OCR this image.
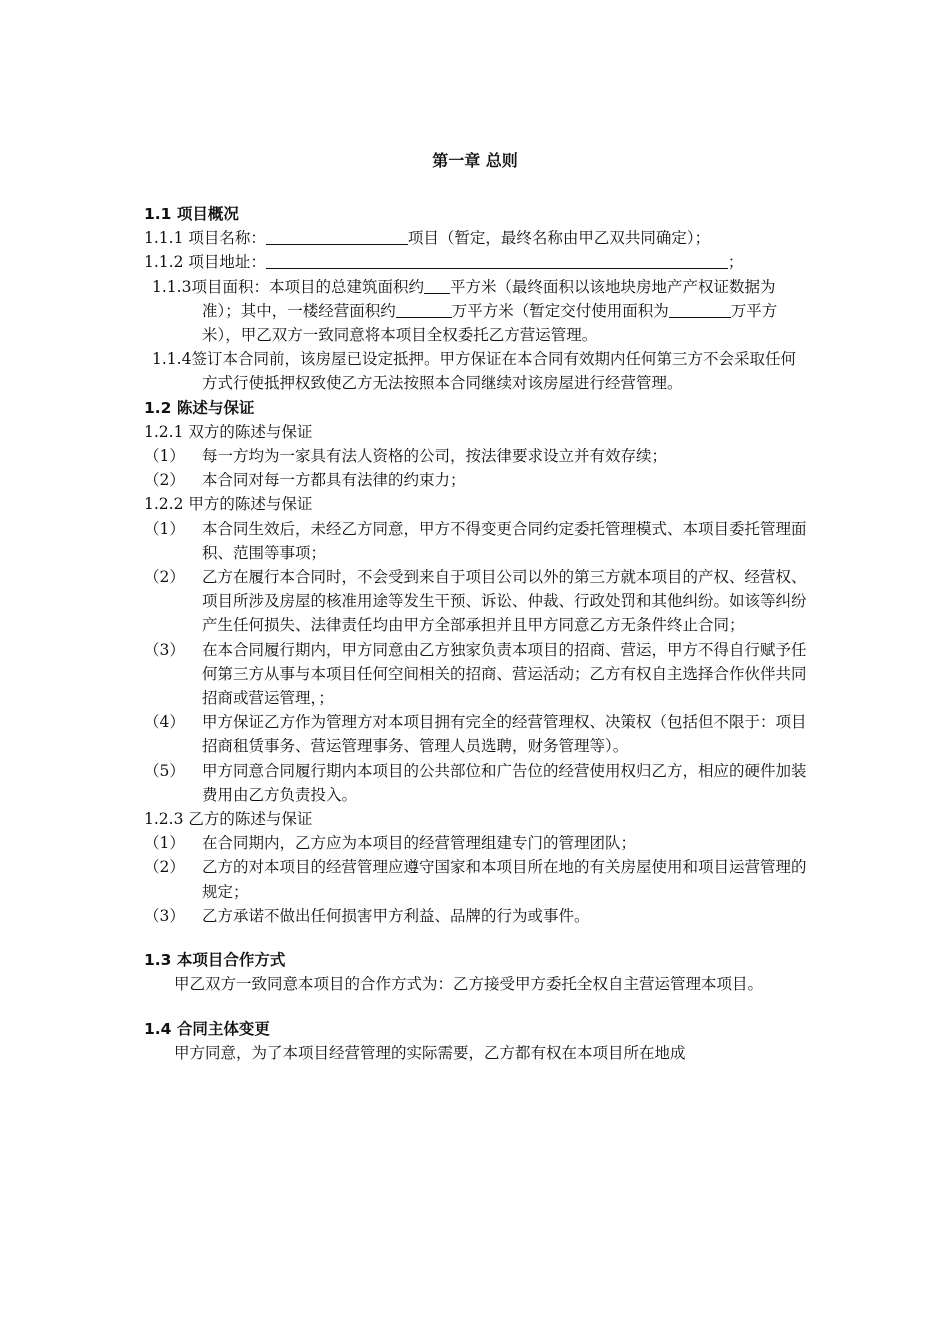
第一章 总则
1.1 项目概况
1.1.1 项目名称：	项目（暂定，最终名称由甲乙双共同确定）；
1.1.2 项目地址：	；
1.1.3项目面积：本项目的总建筑面积约 平方米（最终面积以该地块房地产产权证数据为准）；其中，一楼经营面积约	万平方米（暂定交付使用面积为	万平方米），甲乙双方一致同意将本项目全权委托乙方营运管理。
1.1.4签订本合同前，该房屋已设定抵押。甲方保证在本合同有效期内任何第三方不会采取任何方式行使抵押权致使乙方无法按照本合同继续对该房屋进行经营管理。
1.2 陈述与保证
1.2.1 双方的陈述与保证
（1） 每一方均为一家具有法人资格的公司，按法律要求设立并有效存续；
（2） 本合同对每一方都具有法律的约束力；
1.2.2 甲方的陈述与保证
（1） 本合同生效后，未经乙方同意，甲方不得变更合同约定委托管理模式、本项目委托管理面积、范围等事项；
（2） 乙方在履行本合同时，不会受到来自于项目公司以外的第三方就本项目的产权、经营权、项目所涉及房屋的核准用途等发生干预、诉讼、仲裁、行政处罚和其他纠纷。如该等纠纷产生任何损失、法律责任均由甲方全部承担并且甲方同意乙方无条件终止合同；
（3） 在本合同履行期内，甲方同意由乙方独家负责本项目的招商、营运，甲方不得自行赋予任何第三方从事与本项目任何空间相关的招商、营运活动；乙方有权自主选择合作伙伴共同招商或营运管理，；
（4） 甲方保证乙方作为管理方对本项目拥有完全的经营管理权、决策权（包括但不限于：项目招商租赁事务、营运管理事务、管理人员选聘，财务管理等）。
（5） 甲方同意合同履行期内本项目的公共部位和广告位的经营使用权归乙方，相应的硬件加装费用由乙方负责投入。
1.2.3 乙方的陈述与保证
（1） 在合同期内，乙方应为本项目的经营管理组建专门的管理团队；
（2） 乙方的对本项目的经营管理应遵守国家和本项目所在地的有关房屋使用和项目运营管理的规定；
（3） 乙方承诺不做出任何损害甲方利益、品牌的行为或事件。
1.3 本项目合作方式
甲乙双方一致同意本项目的合作方式为：乙方接受甲方委托全权自主营运管理本项目。
1.4 合同主体变更
甲方同意，为了本项目经营管理的实际需要，乙方都有权在本项目所在地成
